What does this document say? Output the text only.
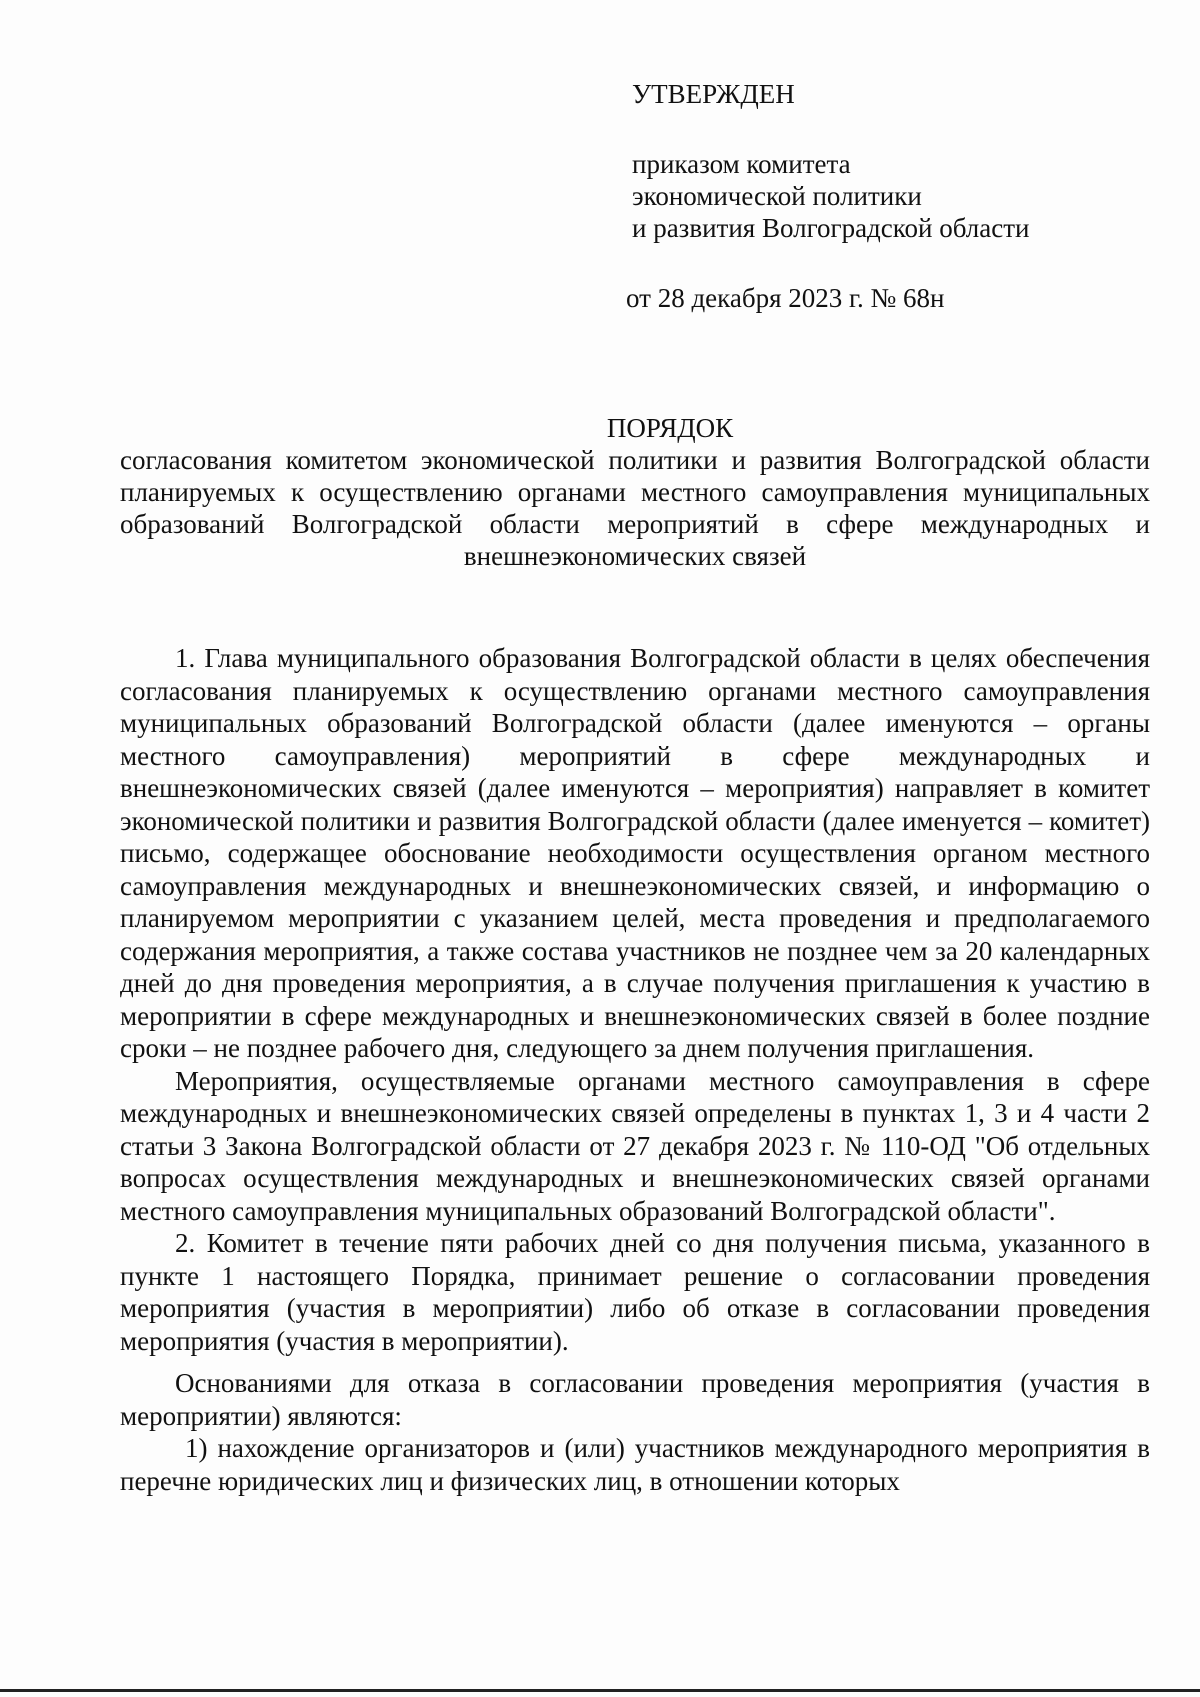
УТВЕРЖДЕН
приказом комитета
экономической политики
и развития Волгоградской области
от 28 декабря 2023 г. № 68н
ПОРЯДОК
согласования комитетом экономической политики и развития Волгоградской области планируемых к осуществлению органами местного самоуправления муниципальных образований Волгоградской области мероприятий в сфере международных и внешнеэкономических связей

1. Глава муниципального образования Волгоградской области в целях обеспечения согласования планируемых к осуществлению органами местного самоуправления муниципальных образований Волгоградской области (далее именуются – органы местного самоуправления) мероприятий в сфере международных и внешнеэкономических связей (далее именуются – мероприятия) направляет в комитет экономической политики и развития Волгоградской области (далее именуется – комитет) письмо, содержащее обоснование необходимости осуществления органом местного самоуправления международных и внешнеэкономических связей, и информацию о планируемом мероприятии с указанием целей, места проведения и предполагаемого содержания мероприятия, а также состава участников не позднее чем за 20 календарных дней до дня проведения мероприятия, а в случае получения приглашения к участию в мероприятии в сфере международных и внешнеэкономических связей в более поздние сроки – не позднее рабочего дня, следующего за днем получения приглашения.

Мероприятия, осуществляемые органами местного самоуправления в сфере международных и внешнеэкономических связей определены в пунктах 1, 3 и 4 части 2 статьи 3 Закона Волгоградской области от 27 декабря 2023 г. № 110-ОД "Об отдельных вопросах осуществления международных и внешнеэкономических связей органами местного самоуправления муниципальных образований Волгоградской области".

2. Комитет в течение пяти рабочих дней со дня получения письма, указанного в пункте 1 настоящего Порядка, принимает решение о согласовании проведения мероприятия (участия в мероприятии) либо об отказе в согласовании проведения мероприятия (участия в мероприятии).

Основаниями для отказа в согласовании проведения мероприятия (участия в мероприятии) являются:

1) нахождение организаторов и (или) участников международного мероприятия в перечне юридических лиц и физических лиц, в отношении которых
